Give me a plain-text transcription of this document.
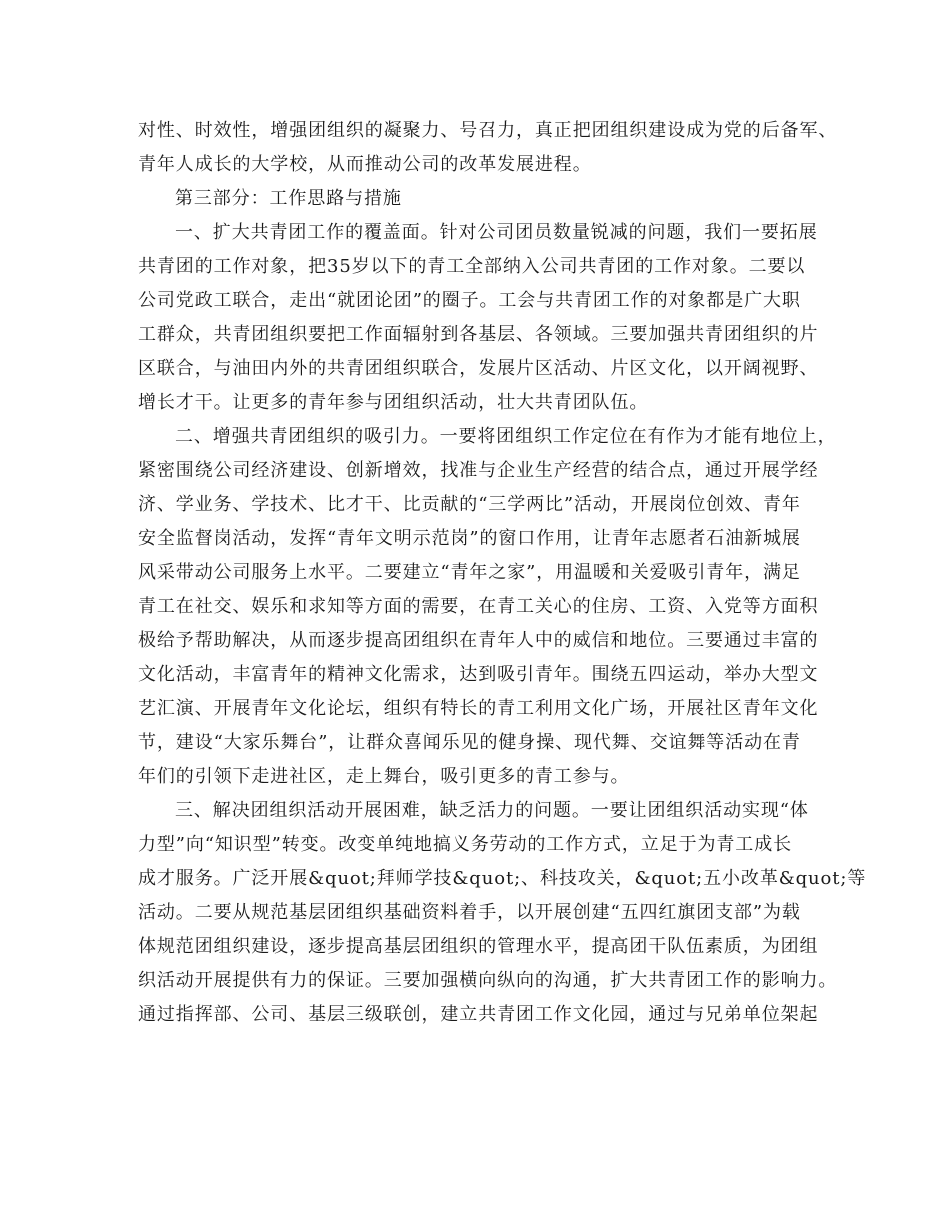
对性、时效性，增强团组织的凝聚力、号召力，真正把团组织建设成为党的后备军、
青年人成长的大学校，从而推动公司的改革发展进程。
第三部分：工作思路与措施
一、扩大共青团工作的覆盖面。针对公司团员数量锐减的问题，我们一要拓展
共青团的工作对象，把35岁以下的青工全部纳入公司共青团的工作对象。二要以
公司党政工联合，走出“就团论团”的圈子。工会与共青团工作的对象都是广大职
工群众，共青团组织要把工作面辐射到各基层、各领域。三要加强共青团组织的片
区联合，与油田内外的共青团组织联合，发展片区活动、片区文化，以开阔视野、
增长才干。让更多的青年参与团组织活动，壮大共青团队伍。
二、增强共青团组织的吸引力。一要将团组织工作定位在有作为才能有地位上，
紧密围绕公司经济建设、创新增效，找准与企业生产经营的结合点，通过开展学经
济、学业务、学技术、比才干、比贡献的“三学两比”活动，开展岗位创效、青年
安全监督岗活动，发挥“青年文明示范岗”的窗口作用，让青年志愿者石油新城展
风采带动公司服务上水平。二要建立“青年之家”，用温暖和关爱吸引青年，满足
青工在社交、娱乐和求知等方面的需要，在青工关心的住房、工资、入党等方面积
极给予帮助解决，从而逐步提高团组织在青年人中的威信和地位。三要通过丰富的
文化活动，丰富青年的精神文化需求，达到吸引青年。围绕五四运动，举办大型文
艺汇演、开展青年文化论坛，组织有特长的青工利用文化广场，开展社区青年文化
节，建设“大家乐舞台”，让群众喜闻乐见的健身操、现代舞、交谊舞等活动在青
年们的引领下走进社区，走上舞台，吸引更多的青工参与。
三、解决团组织活动开展困难，缺乏活力的问题。一要让团组织活动实现“体
力型”向“知识型”转变。改变单纯地搞义务劳动的工作方式，立足于为青工成长
成才服务。广泛开展&quot;拜师学技&quot;、科技攻关，&quot;五小改革&quot;等
活动。二要从规范基层团组织基础资料着手，以开展创建“五四红旗团支部”为载
体规范团组织建设，逐步提高基层团组织的管理水平，提高团干队伍素质，为团组
织活动开展提供有力的保证。三要加强横向纵向的沟通，扩大共青团工作的影响力。
通过指挥部、公司、基层三级联创，建立共青团工作文化园，通过与兄弟单位架起
